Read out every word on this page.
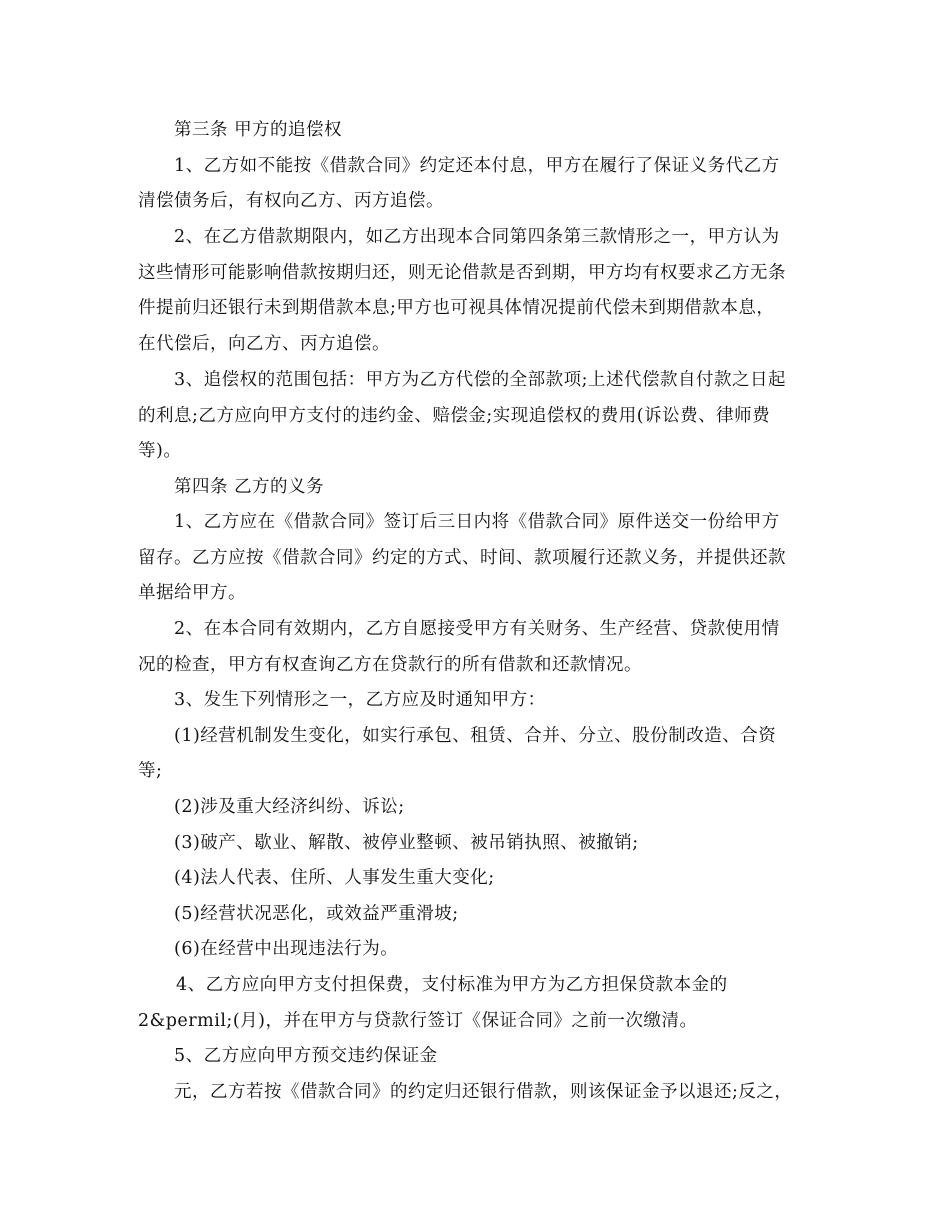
第三条 甲方的追偿权
1、乙方如不能按《借款合同》约定还本付息，甲方在履行了保证义务代乙方
清偿债务后，有权向乙方、丙方追偿。
2、在乙方借款期限内，如乙方出现本合同第四条第三款情形之一，甲方认为
这些情形可能影响借款按期归还，则无论借款是否到期，甲方均有权要求乙方无条
件提前归还银行未到期借款本息;甲方也可视具体情况提前代偿未到期借款本息，
在代偿后，向乙方、丙方追偿。
3、追偿权的范围包括：甲方为乙方代偿的全部款项;上述代偿款自付款之日起
的利息;乙方应向甲方支付的违约金、赔偿金;实现追偿权的费用(诉讼费、律师费
等)。
第四条 乙方的义务
1、乙方应在《借款合同》签订后三日内将《借款合同》原件送交一份给甲方
留存。乙方应按《借款合同》约定的方式、时间、款项履行还款义务，并提供还款
单据给甲方。
2、在本合同有效期内，乙方自愿接受甲方有关财务、生产经营、贷款使用情
况的检查，甲方有权查询乙方在贷款行的所有借款和还款情况。
3、发生下列情形之一，乙方应及时通知甲方：
(1)经营机制发生变化，如实行承包、租赁、合并、分立、股份制改造、合资
等;
(2)涉及重大经济纠纷、诉讼;
(3)破产、歇业、解散、被停业整顿、被吊销执照、被撤销;
(4)法人代表、住所、人事发生重大变化;
(5)经营状况恶化，或效益严重滑坡;
(6)在经营中出现违法行为。
4、乙方应向甲方支付担保费，支付标准为甲方为乙方担保贷款本金的
2&permil;(月)，并在甲方与贷款行签订《保证合同》之前一次缴清。
5、乙方应向甲方预交违约保证金
元，乙方若按《借款合同》的约定归还银行借款，则该保证金予以退还;反之，
